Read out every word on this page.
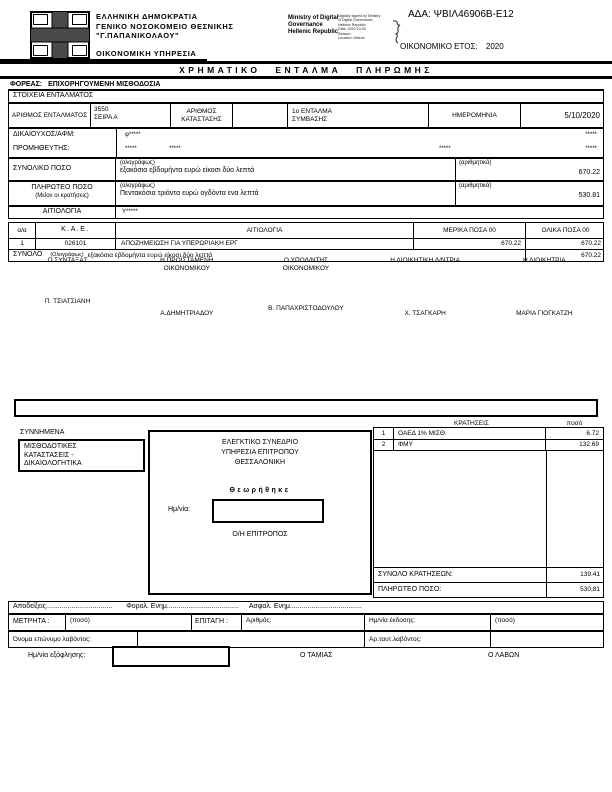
ΕΛΛΗΝΙΚΗ ΔΗΜΟΚΡΑΤΙΑ
ΓΕΝΙΚΟ ΝΟΣΟΚΟΜΕΙΟ ΘΕΣΝΙΚΗΣ
"Γ.ΠΑΠΑΝΙΚΟΛΑΟΥ"
ΟΙΚΟΝΟΜΙΚΗ ΥΠΗΡΕΣΙΑ
Ministry of Digital
Governance
Hellenic Republic
Digitally signed by Ministry
of Digital Governance,
Hellenic Republic
Date: 2020.10.06
Reason:
Location: Athens
ΑΔΑ: ΨΒΙΛ46906Β-Ε12
ΟΙΚΟΝΟΜΙΚΟ ΕΤΟΣ: 2020
ΧΡΗΜΑΤΙΚΟ ΕΝΤΑΛΜΑ ΠΛΗΡΩΜΗΣ
ΦΟΡΕΑΣ: ΕΠΙΧΟΡΗΓΟΥΜΕΝΗ ΜΙΣΘΟΔΟΣΙΑ
ΣΤΟΙΧΕΙΑ ΕΝΤΑΛΜΑΤΟΣ
ΑΡΙΘΜΟΣ ΕΝΤΑΛΜΑΤΟΣ
3550
ΣΕΙΡΑ Α
ΑΡΙΘΜΟΣ ΚΑΤΑΣΤΑΣΗΣ
1ο ΕΝΤΑΛΜΑ ΣΥΜΒΑΣΗΣ
ΗΜΕΡΟΜΗΝΙΑ	5/10/2020
ΔΙΚΑΙΟΥΧΟΣ/ΑΦΜ:
ΠΡΟΜΗΘΕΥΤΗΣ:
φ*****	*****
*****	*****	*****	*****
ΣΥΝΟΛΙΚΟ ΠΟΣΟ
(ολογράφως)
εξακόσια εβδομήντα ευρώ είκοσι δύο λεπτά
(αριθμητικά)
670.22
ΠΛΗΡΩΤΕΟ ΠΟΣΟ
(Μείον οι κρατήσεις)
(ολογράφως)
Πεντακόσια τριάντα ευρώ ογδόντα ενα λεπτά
(αριθμητικά)
530.81
ΑΙΤΙΟΛΟΓΙΑ	Υ*****
α/α	Κ.Α.Ε.	ΑΙΤΙΟΛΟΓΙΑ	ΜΕΡΙΚΑ ΠΟΣΑ 00	ΟΛΙΚΑ ΠΟΣΑ 00
1	026101	ΑΠΟΖΗΜΕΙΩΣΗ ΓΙΑ ΥΠΕΡΩΡΙΑΚΗ ΕΡΓ	670.22	670.22
ΣΥΝΟΛΟ (Ολογράφως) εξακόσια εβδομήντα ευρώ είκοσι δύο λεπτά	670.22
Ο ΣΥΝΤΑΞΑΣ	Η ΠΡΟΪΣΤΑΜΕΝΗ ΟΙΚΟΝΟΜΙΚΟΥ
Ο ΥΠΟΔ/ΝΤΗΣ ΟΙΚΟΝΟΜΙΚΟΥ
Η ΔΙΟΙΚΗΤΙΚΗ Δ/ΝΤΡΙΑ	Η ΔΙΟΙΚΗΤΡΙΑ
Π. ΤΣΙΑΤΣΙΑΝΗ
Α.ΔΗΜΗΤΡΙΑΔΟΥ
Β. ΠΑΠΑΧΡΙΣΤΟΔΟΥΛΟΥ
Χ. ΤΣΑΓΚΑΡΗ	ΜΑΡΙΑ ΓΙΟΓΚΑΤΖΗ
ΚΡΑΤΗΣΕΙΣ	ποσό
ΣΥΝΝΗΜΕΝΑ
ΜΙΣΘΟΔΟΤΙΚΕΣ
ΚΑΤΑΣΤΑΣΕΙΣ -
ΔΙΚΑΙΟΛΟΓΗΤΙΚΑ
ΕΛΕΓΚΤΙΚΟ ΣΥΝΕΔΡΙΟ
ΥΠΗΡΕΣΙΑ ΕΠΙΤΡΟΠΟΥ
ΘΕΣΣΑΛΟΝΙΚΗ
Θεωρήθηκε
Ημ/νία:
Ο/Η ΕΠΙΤΡΟΠΟΣ
1	ΟΑΕΔ 1% ΜΙΣΘ.	6.72
2	ΦΜΥ	132.69
ΣΥΝΟΛΟ ΚΡΑΤΗΣΕΩΝ:	139.41
ΠΛΗΡΩΤΕΟ ΠΟΣΟ:	530,81
Αποδείξεις.................................. Φορολ. Ενημ..................................... Ασφαλ. Ενημ.....................................
ΜΕΤΡΗΤΑ :	(ποσό)	ΕΠΙΤΑΓΗ :	Αριθμός:	Ημ/νία έκδοσης:	(ποσό)
Όνομα επώνυμο λαβόντος:	Αρ.ταυτ.λαβόντος:
Ημ/νία εξόφλησης:	Ο ΤΑΜΙΑΣ	Ο ΛΑΒΩΝ
